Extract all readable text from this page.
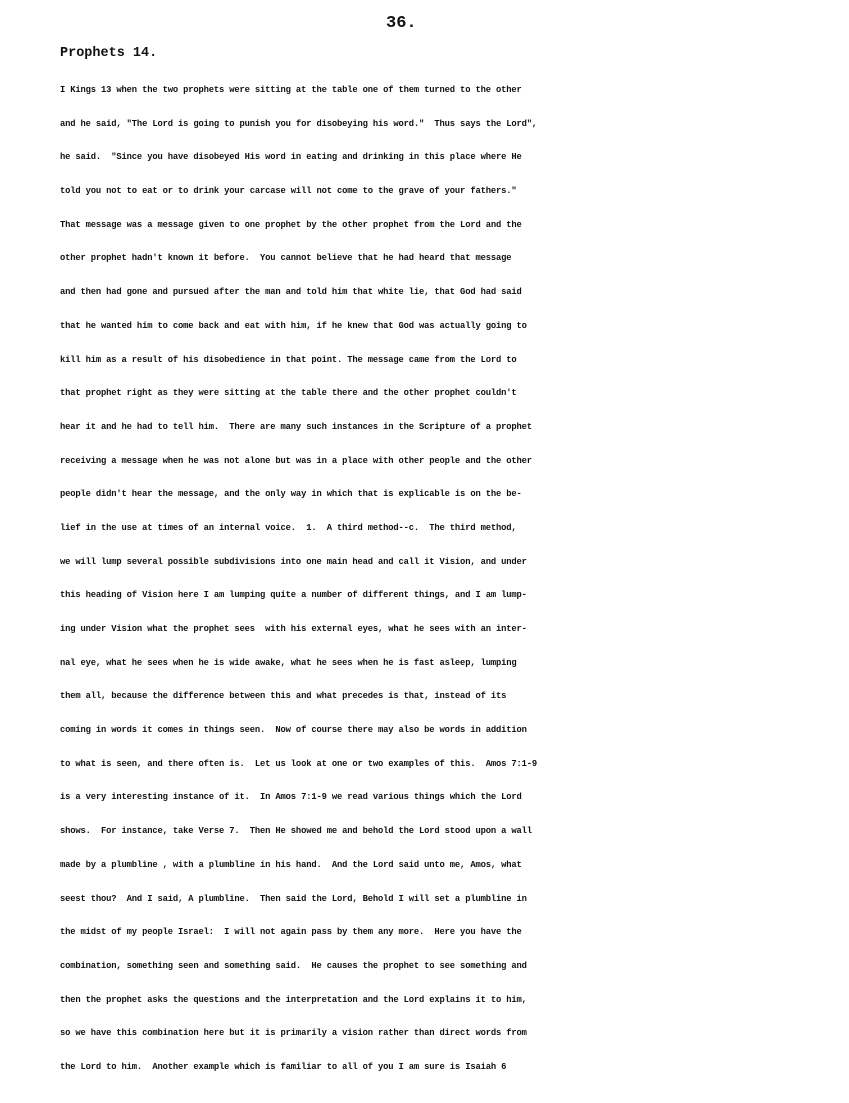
36.
Prophets 14.
I Kings 13 when the two prophets were sitting at the table one of them turned to the other
and he said, "The Lord is going to punish you for disobeying his word."  Thus says the Lord",
he said.  "Since you have disobeyed His word in eating and drinking in this place where He
told you not to eat or to drink your carcase will not come to the grave of your fathers."
That message was a message given to one prophet by the other prophet from the Lord and the
other prophet hadn't known it before.  You cannot believe that he had heard that message
and then had gone and pursued after the man and told him that white lie, that God had said
that he wanted him to come back and eat with him, if he knew that God was actually going to
kill him as a result of his disobedience in that point. The message came from the Lord to
that prophet right as they were sitting at the table there and the other prophet couldn't
hear it and he had to tell him.  There are many such instances in the Scripture of a prophet
receiving a message when he was not alone but was in a place with other people and the other
people didn't hear the message, and the only way in which that is explicable is on the be-
lief in the use at times of an internal voice.  1.  A third method--c.  The third method,
we will lump several possible subdivisions into one main head and call it Vision, and under
this heading of Vision here I am lumping quite a number of different things, and I am lump-
ing under Vision what the prophet sees  with his external eyes, what he sees with an inter-
nal eye, what he sees when he is wide awake, what he sees when he is fast asleep, lumping
them all, because the difference between this and what precedes is that, instead of its
coming in words it comes in things seen.  Now of course there may also be words in addition
to what is seen, and there often is.  Let us look at one or two examples of this.  Amos 7:1-9
is a very interesting instance of it.  In Amos 7:1-9 we read various things which the Lord
shows.  For instance, take Verse 7.  Then He showed me and behold the Lord stood upon a wall
made by a plumbline , with a plumbline in his hand.  And the Lord said unto me, Amos, what
seest thou?  And I said, A plumbline.  Then said the Lord, Behold I will set a plumbline in
the midst of my people Israel:  I will not again pass by them any more.  Here you have the
combination, something seen and something said.  He causes the prophet to see something and
then the prophet asks the questions and the interpretation and the Lord explains it to him,
so we have this combination here but it is primarily a vision rather than direct words from
the Lord to him.  Another example which is familiar to all of you I am sure is Isaiah 6
